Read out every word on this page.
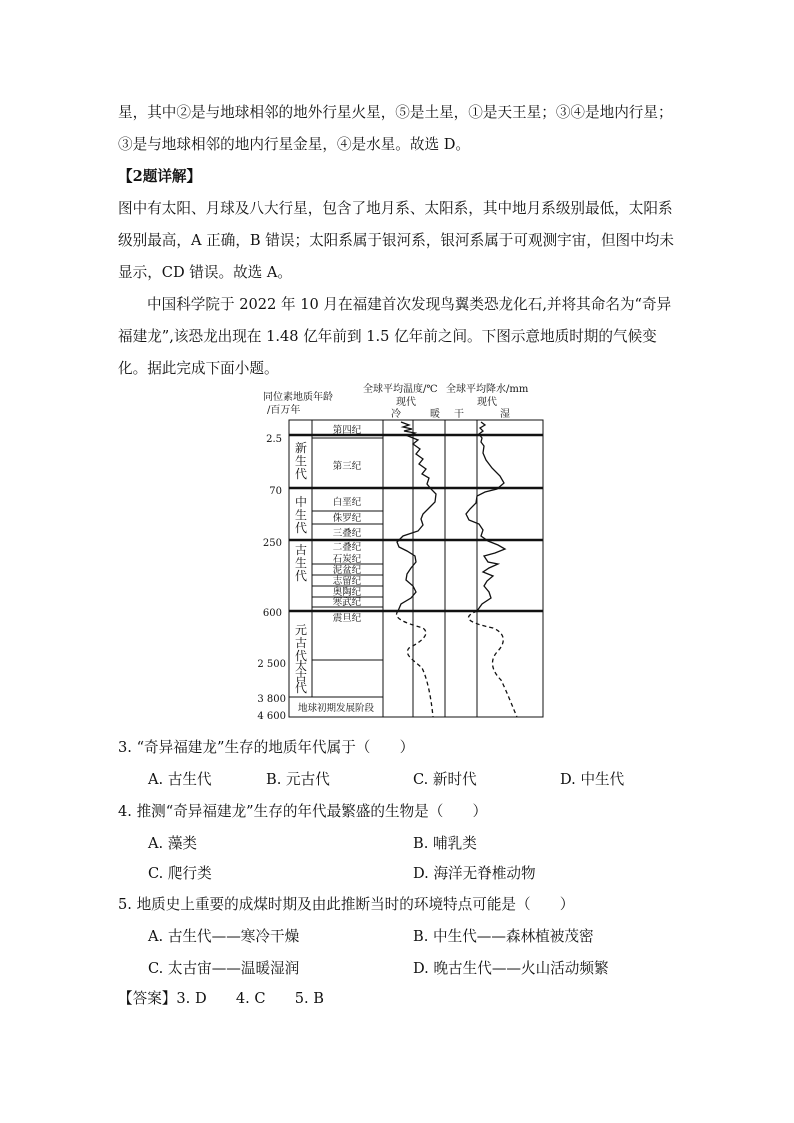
星，其中②是与地球相邻的地外行星火星，⑤是土星，①是天王星；③④是地内行星；③是与地球相邻的地内行星金星，④是水星。故选 D。

【2题详解】

图中有太阳、月球及八大行星，包含了地月系、太阳系，其中地月系级别最低，太阳系级别最高，A 正确，B 错误；太阳系属于银河系，银河系属于可观测宇宙，但图中均未显示，CD 错误。故选 A。

中国科学院于 2022 年 10 月在福建首次发现鸟翼类恐龙化石,并将其命名为“奇异福建龙”,该恐龙出现在 1.48 亿年前到 1.5 亿年前之间。下图示意地质时期的气候变化。据此完成下面小题。

同位素地质年龄
/百万年
全球平均温度/℃ 全球平均降水/mm
现代	现代
冷	暖 干	湿
2.5
70
250
600
2 500
3 800
4 600
新生代
中生代
古生代
元古代
太古代
第四纪
第三纪
白垩纪
侏罗纪
三叠纪
二叠纪
石炭纪
泥盆纪
志留纪
奥陶纪
寒武纪
震旦纪
地球初期发展阶段

3. “奇异福建龙”生存的地质年代属于（　　）

A. 古生代	B. 元古代	C. 新时代	D. 中生代

4. 推测“奇异福建龙”生存的年代最繁盛的生物是（　　）

A. 藻类	B. 哺乳类

C. 爬行类	D. 海洋无脊椎动物

5. 地质史上重要的成煤时期及由此推断当时的环境特点可能是（　　）

A. 古生代——寒冷干燥	B. 中生代——森林植被茂密

C. 太古宙——温暖湿润	D. 晚古生代——火山活动频繁

【答案】3. D　　4. C　　5. B
